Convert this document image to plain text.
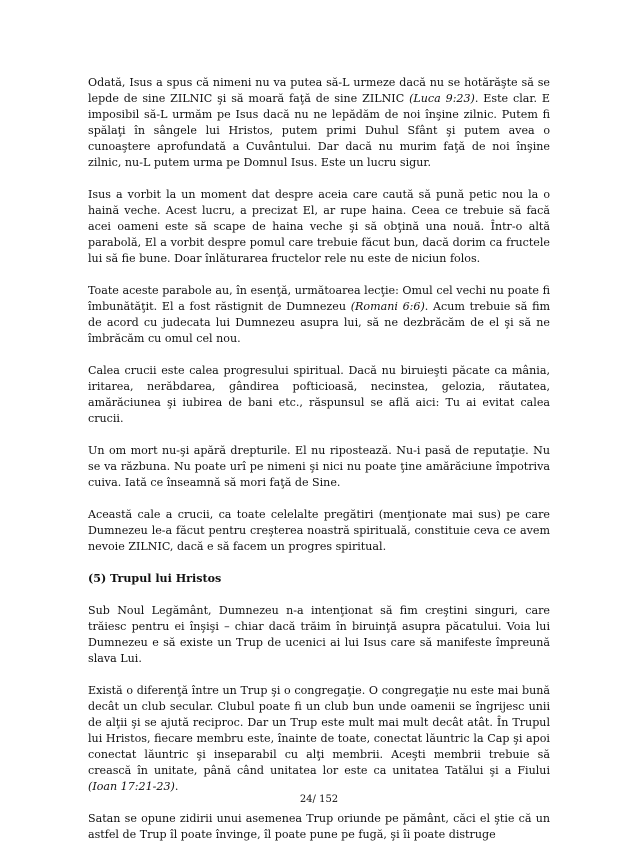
Odată, Isus a spus că nimeni nu va putea să-L urmeze dacă nu se hotărăşte să se lepde de sine ZILNIC şi să moară faţă de sine ZILNIC (Luca 9:23). Este clar. E imposibil să-L urmăm pe Isus dacă nu ne lepădăm de noi înşine zilnic. Putem fi spălaţi în sângele lui Hristos, putem primi Duhul Sfânt şi putem avea o cunoaştere aprofundată a Cuvântului. Dar dacă nu murim faţă de noi înşine zilnic, nu-L putem urma pe Domnul Isus. Este un lucru sigur.

Isus a vorbit la un moment dat despre aceia care caută să pună petic nou la o haină veche. Acest lucru, a precizat El, ar rupe haina. Ceea ce trebuie să facă acei oameni este să scape de haina veche şi să obţină una nouă. Într-o altă parabolă, El a vorbit despre pomul care trebuie făcut bun, dacă dorim ca fructele lui să fie bune. Doar înlăturarea fructelor rele nu este de niciun folos.

Toate aceste parabole au, în esenţă, următoarea lecţie: Omul cel vechi nu poate fi îmbunătăţit. El a fost răstignit de Dumnezeu (Romani 6:6). Acum trebuie să fim de acord cu judecata lui Dumnezeu asupra lui, să ne dezbrăcăm de el şi să ne îmbrăcăm cu omul cel nou.

Calea crucii este calea progresului spiritual. Dacă nu biruieşti păcate ca mânia, iritarea, nerăbdarea, gândirea pofticioasă, necinstea, gelozia, răutatea, amărăciunea şi iubirea de bani etc., răspunsul se află aici: Tu ai evitat calea crucii.

Un om mort nu-şi apără drepturile. El nu ripostează. Nu-i pasă de reputaţie. Nu se va răzbuna. Nu poate urî pe nimeni şi nici nu poate ţine amărăciune împotriva cuiva. Iată ce înseamnă să mori faţă de Sine.

Această cale a crucii, ca toate celelalte pregătiri (menţionate mai sus) pe care Dumnezeu le-a făcut pentru creşterea noastră spirituală, constituie ceva ce avem nevoie ZILNIC, dacă e să facem un progres spiritual.

(5) Trupul lui Hristos

Sub Noul Legământ, Dumnezeu n-a intenţionat să fim creştini singuri, care trăiesc pentru ei înşişi – chiar dacă trăim în biruinţă asupra păcatului. Voia lui Dumnezeu e să existe un Trup de ucenici ai lui Isus care să manifeste împreună slava Lui.

Există o diferenţă între un Trup şi o congregaţie. O congregaţie nu este mai bună decât un club secular. Clubul poate fi un club bun unde oamenii se îngrijesc unii de alţii şi se ajută reciproc. Dar un Trup este mult mai mult decât atât. În Trupul lui Hristos, fiecare membru este, înainte de toate, conectat lăuntric la Cap şi apoi conectat lăuntric şi inseparabil cu alţi membrii. Aceşti membrii trebuie să crească în unitate, până când unitatea lor este ca unitatea Tatălui şi a Fiului (Ioan 17:21-23).

Satan se opune zidirii unui asemenea Trup oriunde pe pământ, căci el ştie că un astfel de Trup îl poate învinge, îl poate pune pe fugă, şi îi poate distruge

24/ 152
